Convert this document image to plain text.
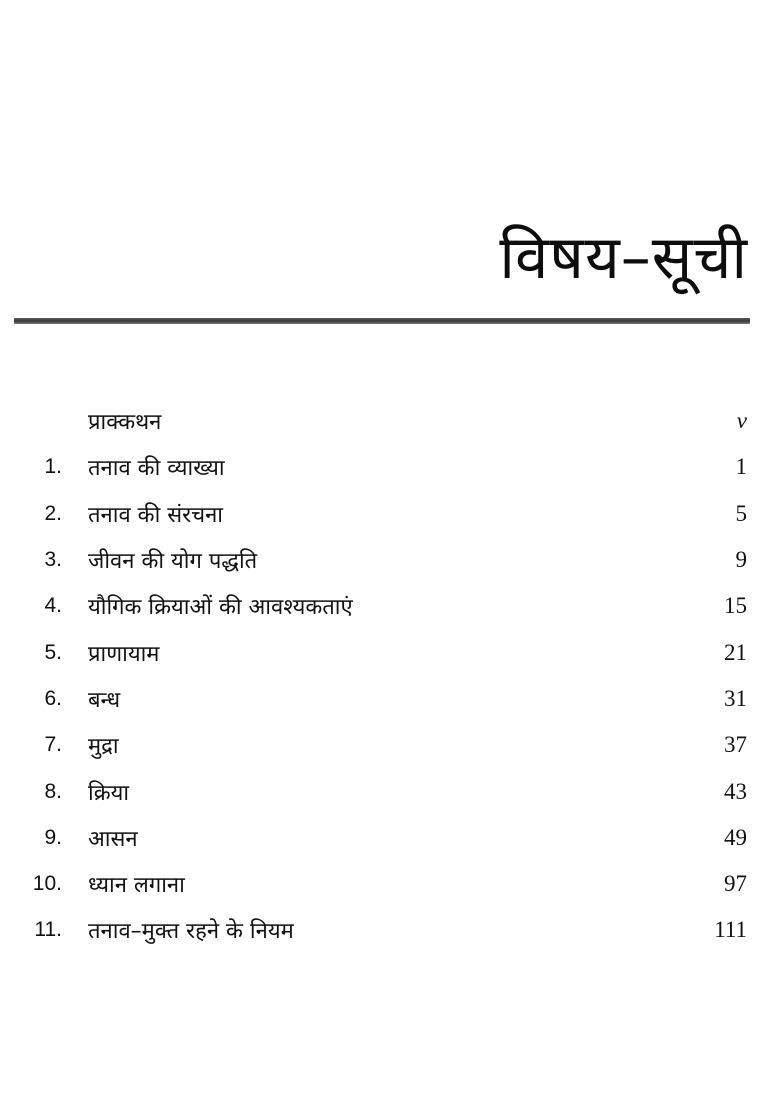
विषय–सूची
प्राक्कथन	v
1. तनाव की व्याख्या	1
2. तनाव की संरचना	5
3. जीवन की योग पद्धति	9
4. यौगिक क्रियाओं की आवश्यकताएं	15
5. प्राणायाम	21
6. बन्ध	31
7. मुद्रा	37
8. क्रिया	43
9. आसन	49
10. ध्यान लगाना	97
11. तनाव–मुक्त रहने के नियम	111
